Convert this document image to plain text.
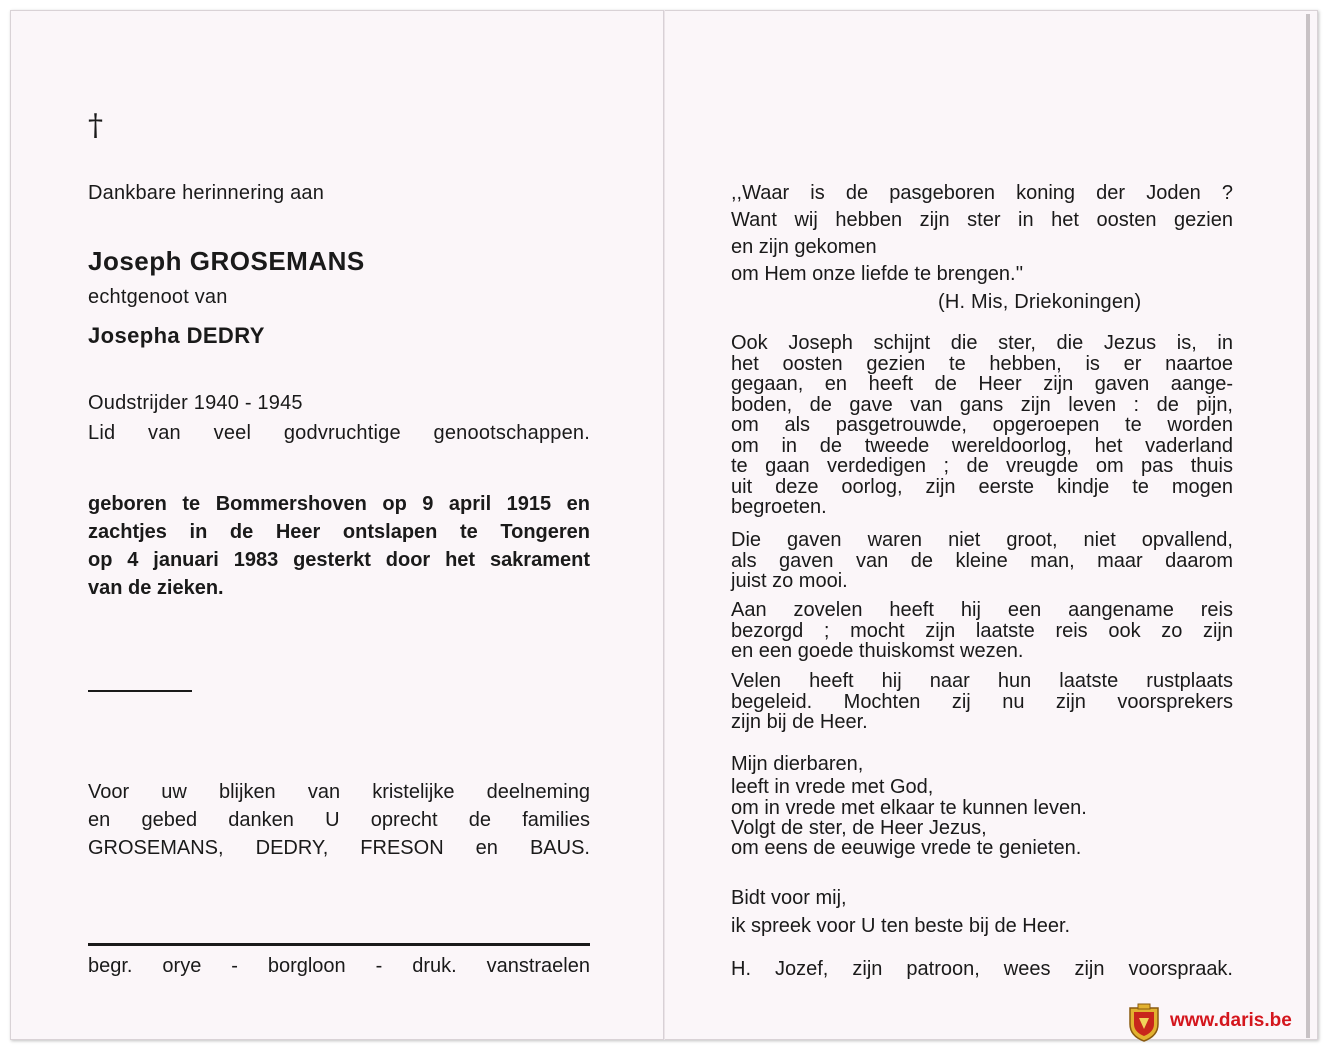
†
Dankbare herinnering aan
Joseph GROSEMANS
echtgenoot van
Josepha DEDRY
Oudstrijder 1940 - 1945
Lid van veel godvruchtige genootschappen.
geboren te Bommershoven op 9 april 1915 en
zachtjes in de Heer ontslapen te Tongeren
op 4 januari 1983 gesterkt door het sakrament
van de zieken.
Voor uw blijken van kristelijke deelneming
en gebed danken U oprecht de families
GROSEMANS, DEDRY, FRESON en BAUS.
begr. orye - borgloon - druk. vanstraelen
,,Waar is de pasgeboren koning der Joden ?
Want wij hebben zijn ster in het oosten gezien
en zijn gekomen
om Hem onze liefde te brengen.''
(H. Mis, Driekoningen)
Ook Joseph schijnt die ster, die Jezus is, in
het oosten gezien te hebben, is er naartoe
gegaan, en heeft de Heer zijn gaven aange-
boden, de gave van gans zijn leven : de pijn,
om als pasgetrouwde, opgeroepen te worden
om in de tweede wereldoorlog, het vaderland
te gaan verdedigen ; de vreugde om pas thuis
uit deze oorlog, zijn eerste kindje te mogen
begroeten.
Die gaven waren niet groot, niet opvallend,
als gaven van de kleine man, maar daarom
juist zo mooi.
Aan zovelen heeft hij een aangename reis
bezorgd ; mocht zijn laatste reis ook zo zijn
en een goede thuiskomst wezen.
Velen heeft hij naar hun laatste rustplaats
begeleid. Mochten zij nu zijn voorsprekers
zijn bij de Heer.
Mijn dierbaren,
leeft in vrede met God,
om in vrede met elkaar te kunnen leven.
Volgt de ster, de Heer Jezus,
om eens de eeuwige vrede te genieten.
Bidt voor mij,
ik spreek voor U ten beste bij de Heer.
H. Jozef, zijn patroon, wees zijn voorspraak.
www.daris.be
